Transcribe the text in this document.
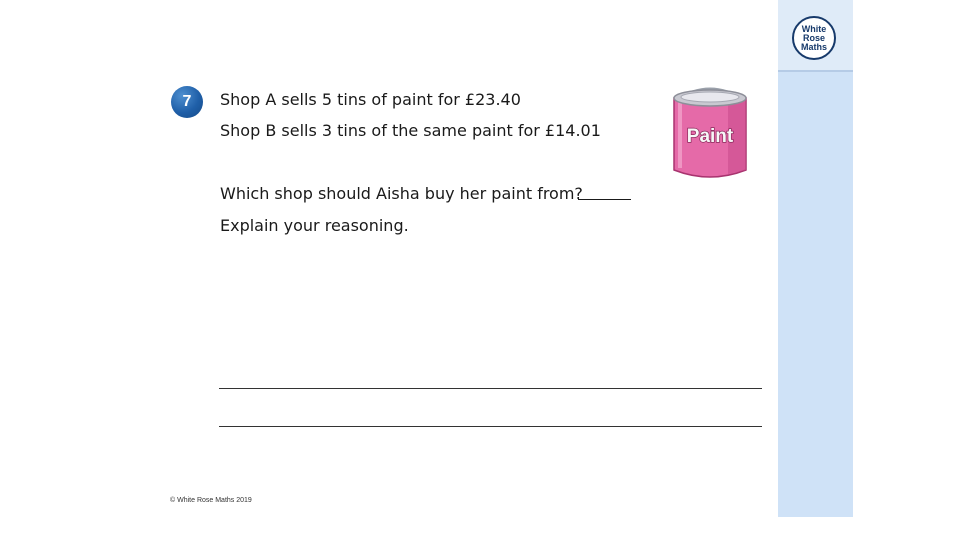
White
Rose
Maths
7	Shop A sells 5 tins of paint for £23.40
Shop B sells 3 tins of the same paint for £14.01
Which shop should Aisha buy her paint from?
Explain your reasoning.
Paint
© White Rose Maths 2019
